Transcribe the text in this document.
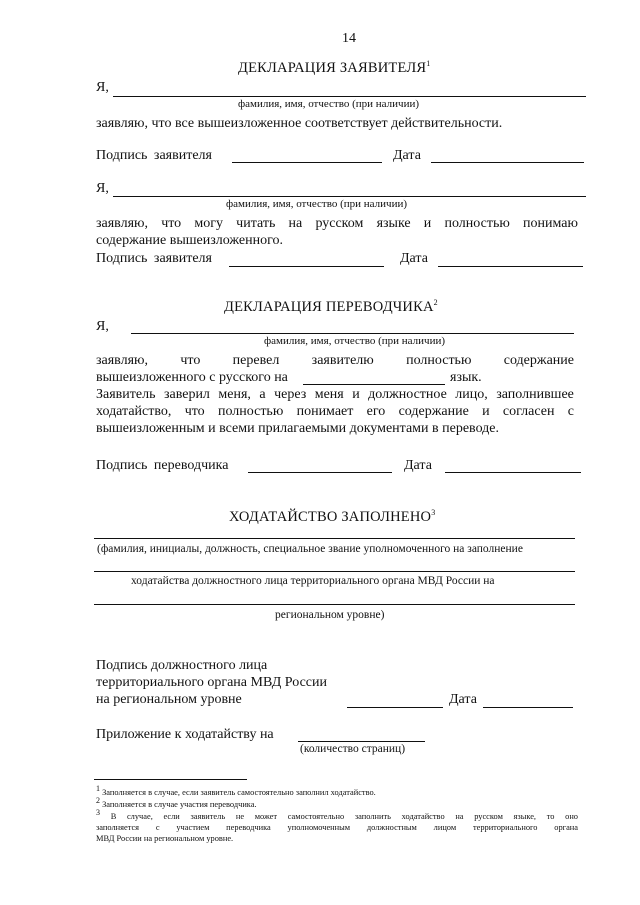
14
ДЕКЛАРАЦИЯ ЗАЯВИТЕЛЯ$^1$
Я,
фамилия, имя, отчество (при наличии)
заявляю, что все вышеизложенное соответствует действительности.
Подпись заявителя	Дата
Я,
фамилия, имя, отчество (при наличии)
заявляю, что могу читать на русском языке и полностью понимаю
содержание вышеизложенного.
Подпись заявителя	Дата
ДЕКЛАРАЦИЯ ПЕРЕВОДЧИКА$^2$
Я,
фамилия, имя, отчество (при наличии)
заявляю, что перевел заявителю полностью содержание
вышеизложенного с русского на	язык.
Заявитель заверил меня, а через меня и должностное лицо, заполнившее
ходатайство, что полностью понимает его содержание и согласен с
вышеизложенным и всеми прилагаемыми документами в переводе.
Подпись переводчика	Дата
ХОДАТАЙСТВО ЗАПОЛНЕНО$^3$
(фамилия, инициалы, должность, специальное звание уполномоченного на заполнение
ходатайства должностного лица территориального органа МВД России на
региональном уровне)
Подпись должностного лица
территориального органа МВД России
на региональном уровне	Дата
Приложение к ходатайству на
(количество страниц)
1 Заполняется в случае, если заявитель самостоятельно заполнил ходатайство.
2 Заполняется в случае участия переводчика.
3 В случае, если заявитель не может самостоятельно заполнить ходатайство на русском языке, то оно
заполняется с участием переводчика уполномоченным должностным лицом территориального органа
МВД России на региональном уровне.
